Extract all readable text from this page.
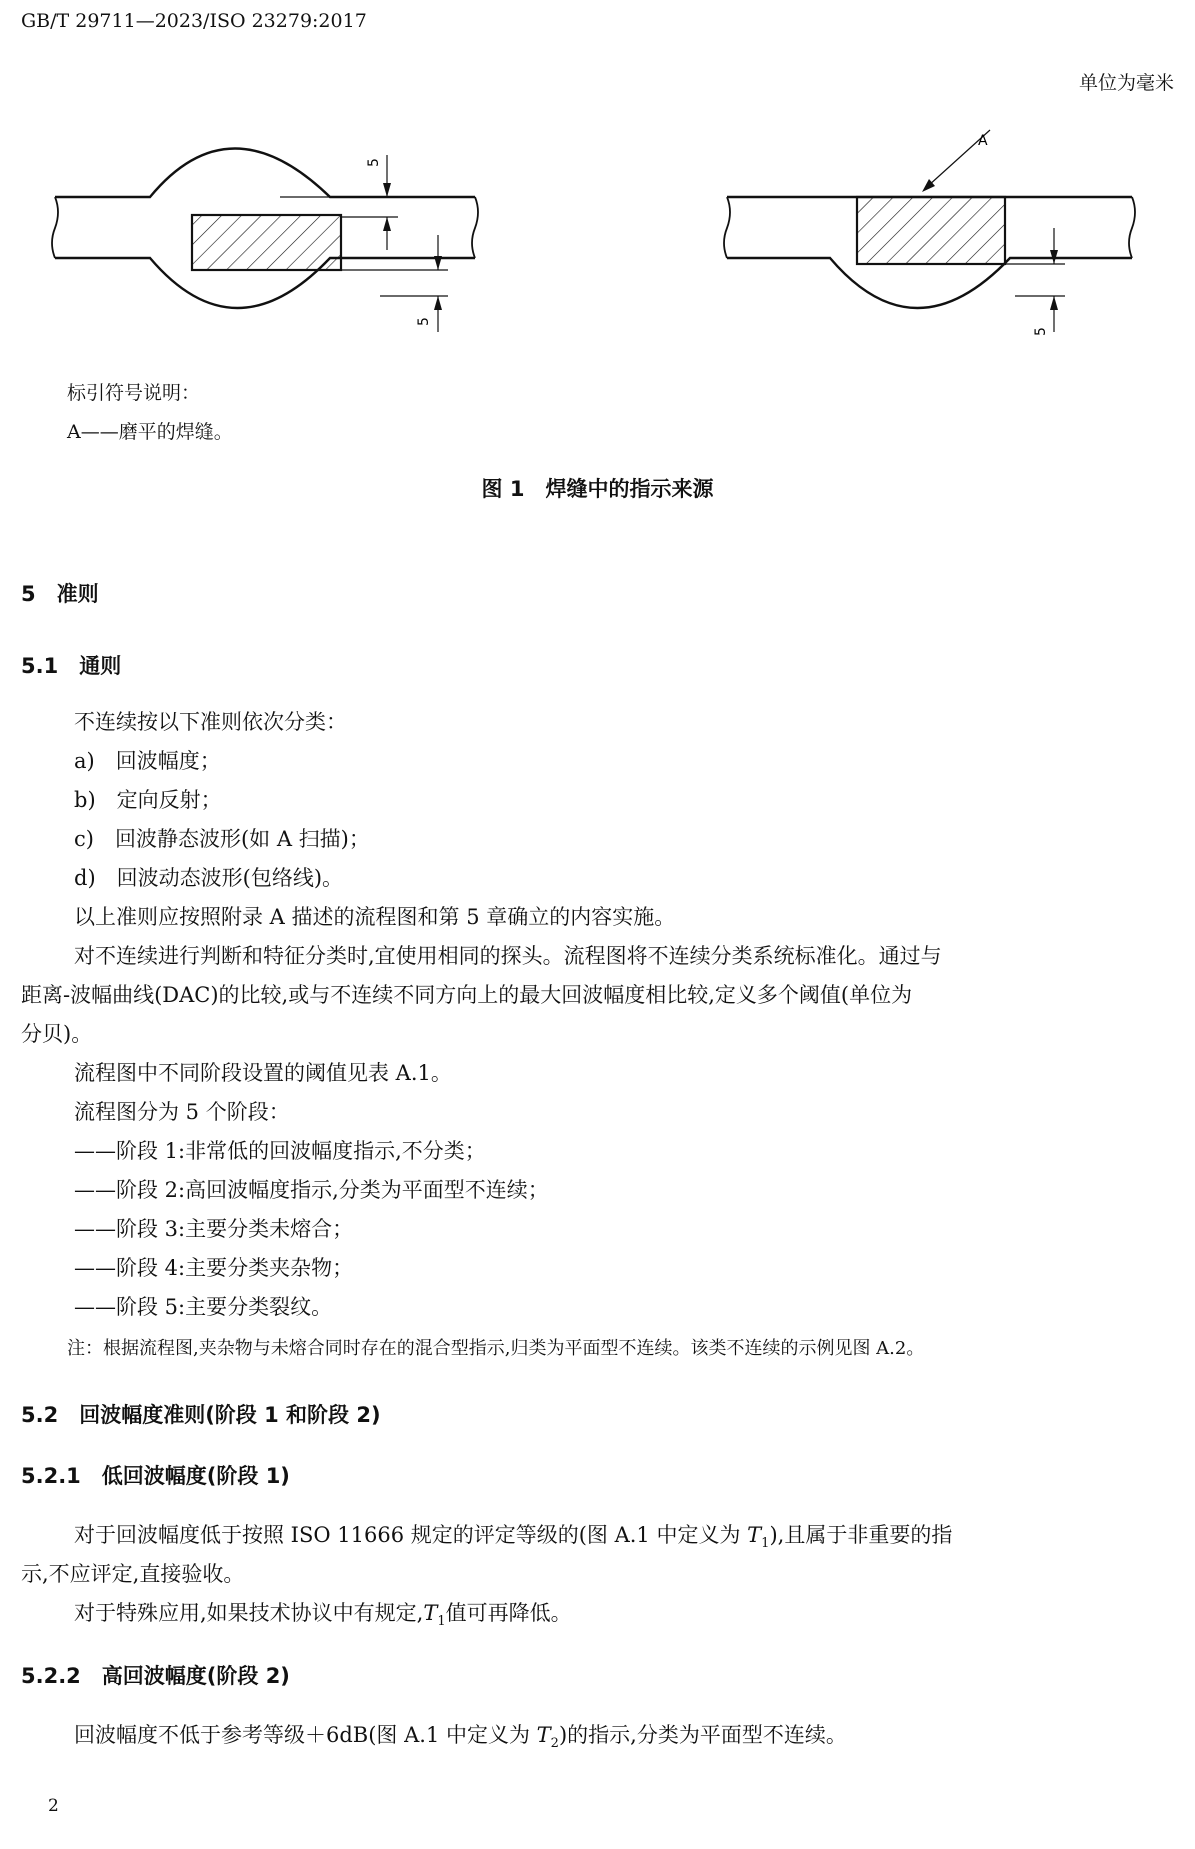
GB/T 29711—2023/ISO 23279:2017
单位为毫米
5
5
A
5
标引符号说明：
A——磨平的焊缝。
图 1　焊缝中的指示来源
5　准则
5.1　通则
不连续按以下准则依次分类：
a)　回波幅度；
b)　定向反射；
c)　回波静态波形(如 A 扫描)；
d)　回波动态波形(包络线)。
以上准则应按照附录 A 描述的流程图和第 5 章确立的内容实施。
对不连续进行判断和特征分类时,宜使用相同的探头。流程图将不连续分类系统标准化。通过与
距离-波幅曲线(DAC)的比较,或与不连续不同方向上的最大回波幅度相比较,定义多个阈值(单位为
分贝)。
流程图中不同阶段设置的阈值见表 A.1。
流程图分为 5 个阶段：
——阶段 1:非常低的回波幅度指示,不分类；
——阶段 2:高回波幅度指示,分类为平面型不连续；
——阶段 3:主要分类未熔合；
——阶段 4:主要分类夹杂物；
——阶段 5:主要分类裂纹。
注：根据流程图,夹杂物与未熔合同时存在的混合型指示,归类为平面型不连续。该类不连续的示例见图 A.2。
5.2　回波幅度准则(阶段 1 和阶段 2)
5.2.1　低回波幅度(阶段 1)
对于回波幅度低于按照 ISO 11666 规定的评定等级的(图 A.1 中定义为 $T_1$),且属于非重要的指
示,不应评定,直接验收。
对于特殊应用,如果技术协议中有规定$,T_1$值可再降低。
5.2.2　高回波幅度(阶段 2)
回波幅度不低于参考等级＋6dB(图 A.1 中定义为 $T_2$)的指示,分类为平面型不连续。
2
